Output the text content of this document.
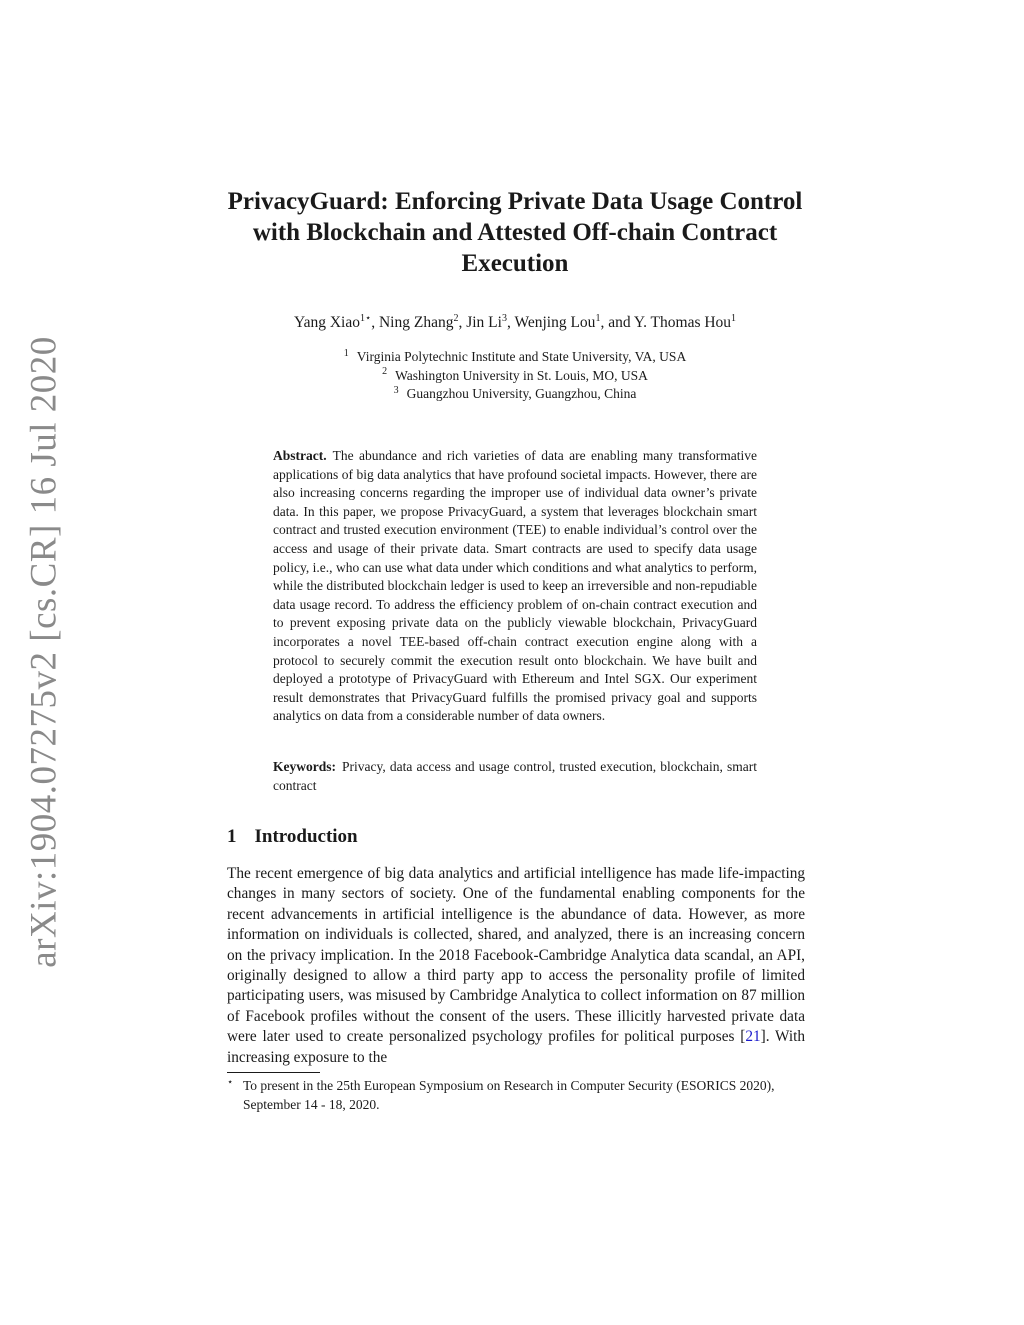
arXiv:1904.07275v2 [cs.CR] 16 Jul 2020
PrivacyGuard: Enforcing Private Data Usage Control with Blockchain and Attested Off-chain Contract Execution
Yang Xiao$^{1⋆}$, Ning Zhang$^2$, Jin Li$^3$, Wenjing Lou$^1$, and Y. Thomas Hou$^1$
$^1$ Virginia Polytechnic Institute and State University, VA, USA
$^2$ Washington University in St. Louis, MO, USA
$^3$ Guangzhou University, Guangzhou, China

Abstract. The abundance and rich varieties of data are enabling many transformative applications of big data analytics that have profound societal impacts. However, there are also increasing concerns regarding the improper use of individual data owner’s private data. In this paper, we propose PrivacyGuard, a system that leverages blockchain smart contract and trusted execution environment (TEE) to enable individual’s control over the access and usage of their private data. Smart contracts are used to specify data usage policy, i.e., who can use what data under which conditions and what analytics to perform, while the distributed blockchain ledger is used to keep an irreversible and non-repudiable data usage record. To address the efficiency problem of on-chain contract execution and to prevent exposing private data on the publicly viewable blockchain, PrivacyGuard incorporates a novel TEE-based off-chain contract execution engine along with a protocol to securely commit the execution result onto blockchain. We have built and deployed a prototype of PrivacyGuard with Ethereum and Intel SGX. Our experiment result demonstrates that PrivacyGuard fulfills the promised privacy goal and supports analytics on data from a considerable number of data owners.

Keywords: Privacy, data access and usage control, trusted execution, blockchain, smart contract

1 Introduction

The recent emergence of big data analytics and artificial intelligence has made life-impacting changes in many sectors of society. One of the fundamental enabling components for the recent advancements in artificial intelligence is the abundance of data. However, as more information on individuals is collected, shared, and analyzed, there is an increasing concern on the privacy implication. In the 2018 Facebook-Cambridge Analytica data scandal, an API, originally designed to allow a third party app to access the personality profile of limited participating users, was misused by Cambridge Analytica to collect information on 87 million of Facebook profiles without the consent of the users. These illicitly harvested private data were later used to create personalized psychology profiles for political purposes [21]. With increasing exposure to the

⋆ To present in the 25th European Symposium on Research in Computer Security (ESORICS 2020), September 14 - 18, 2020.
